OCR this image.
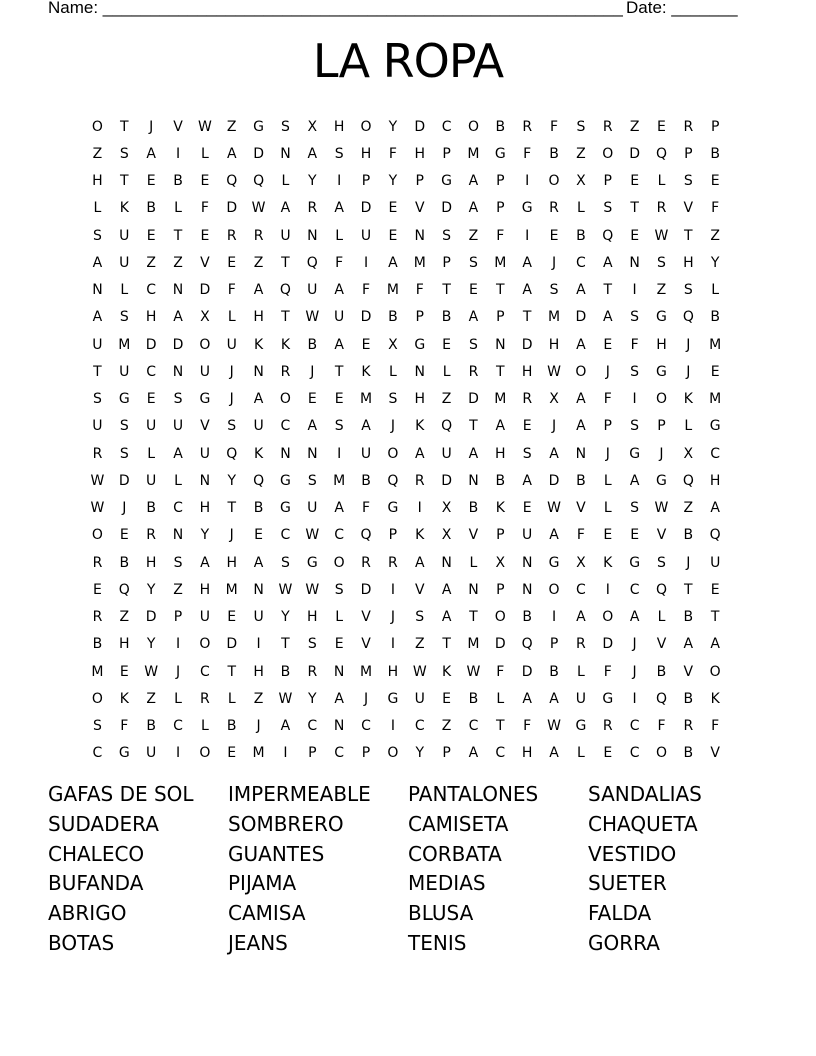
Name: _______________________________________________________ Date: _______
LA ROPA
O	T	J	V	W	Z	G	S	X	H	O	Y	D	C	O	B	R	F	S	R	Z	E	R	P
Z	S	A	I	L	A	D	N	A	S	H	F	H	P	M	G	F	B	Z	O	D	Q	P	B
H	T	E	B	E	Q	Q	L	Y	I	P	Y	P	G	A	P	I	O	X	P	E	L	S	E
L	K	B	L	F	D	W	A	R	A	D	E	V	D	A	P	G	R	L	S	T	R	V	F
S	U	E	T	E	R	R	U	N	L	U	E	N	S	Z	F	I	E	B	Q	E	W	T	Z
A	U	Z	Z	V	E	Z	T	Q	F	I	A	M	P	S	M	A	J	C	A	N	S	H	Y
N	L	C	N	D	F	A	Q	U	A	F	M	F	T	E	T	A	S	A	T	I	Z	S	L
A	S	H	A	X	L	H	T	W	U	D	B	P	B	A	P	T	M	D	A	S	G	Q	B
U	M	D	D	O	U	K	K	B	A	E	X	G	E	S	N	D	H	A	E	F	H	J	M
T	U	C	N	U	J	N	R	J	T	K	L	N	L	R	T	H	W	O	J	S	G	J	E
S	G	E	S	G	J	A	O	E	E	M	S	H	Z	D	M	R	X	A	F	I	O	K	M
U	S	U	U	V	S	U	C	A	S	A	J	K	Q	T	A	E	J	A	P	S	P	L	G
R	S	L	A	U	Q	K	N	N	I	U	O	A	U	A	H	S	A	N	J	G	J	X	C
W	D	U	L	N	Y	Q	G	S	M	B	Q	R	D	N	B	A	D	B	L	A	G	Q	H
W	J	B	C	H	T	B	G	U	A	F	G	I	X	B	K	E	W	V	L	S	W	Z	A
O	E	R	N	Y	J	E	C	W	C	Q	P	K	X	V	P	U	A	F	E	E	V	B	Q
R	B	H	S	A	H	A	S	G	O	R	R	A	N	L	X	N	G	X	K	G	S	J	U
E	Q	Y	Z	H	M	N	W W	S	D	I	V	A	N	P	N	O	C	I	C	Q	T	E
R	Z	D	P	U	E	U	Y	H	L	V	J	S	A	T	O	B	I	A	O	A	L	B	T
B	H	Y	I	O	D	I	T	S	E	V	I	Z	T	M	D	Q	P	R	D	J	V	A	A
M	E	W	J	C	T	H	B	R	N	M	H	W	K	W	F	D	B	L	F	J	B	V	O
O	K	Z	L	R	L	Z	W	Y	A	J	G	U	E	B	L	A	A	U	G	I	Q	B	K
S	F	B	C	L	B	J	A	C	N	C	I	C	Z	C	T	F	W	G	R	C	F	R	F
C	G	U	I	O	E	M	I	P	C	P	O	Y	P	A	C	H	A	L	E	C	O	B	V
GAFAS DE SOL	IMPERMEABLE	PANTALONES	SANDALIAS
SUDADERA	SOMBRERO	CAMISETA	CHAQUETA
CHALECO	GUANTES	CORBATA	VESTIDO
BUFANDA	PIJAMA	MEDIAS	SUETER
ABRIGO	CAMISA	BLUSA	FALDA
BOTAS	JEANS	TENIS	GORRA
